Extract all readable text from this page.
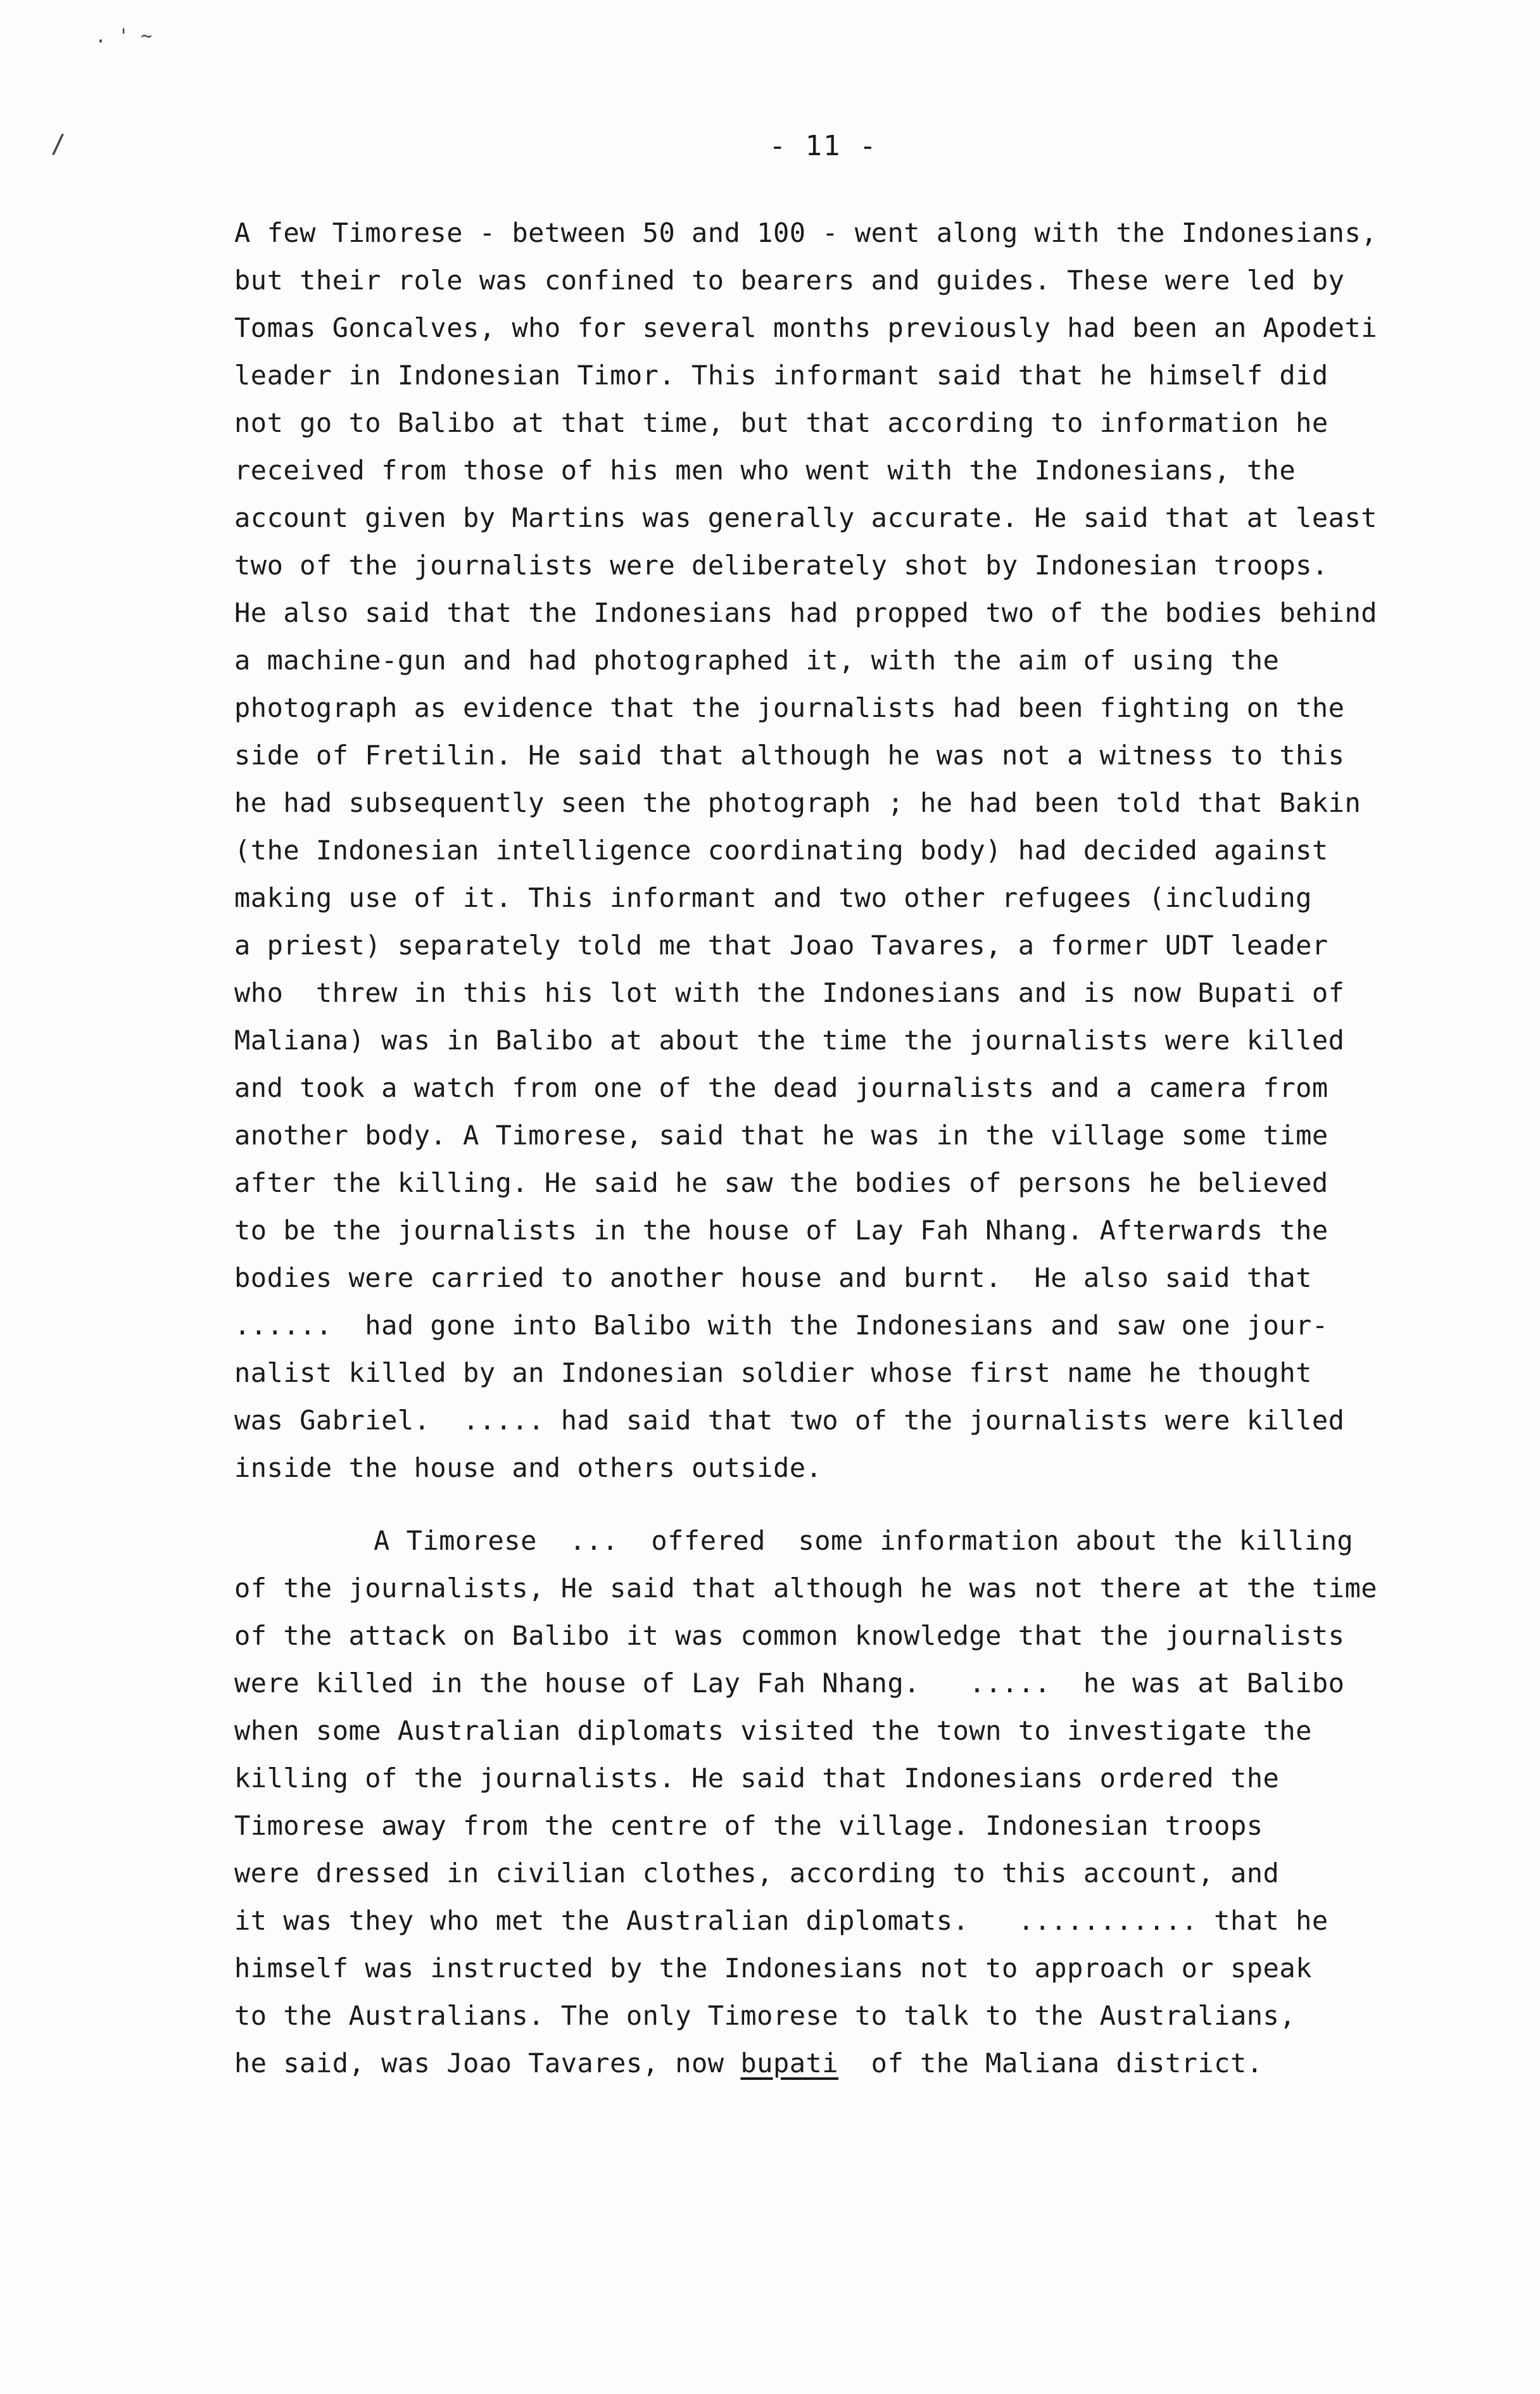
. ' ~
/	- 11 -
A few Timorese - between 50 and 100 - went along with the Indonesians,
but their role was confined to bearers and guides. These were led by
Tomas Goncalves, who for several months previously had been an Apodeti
leader in Indonesian Timor. This informant said that he himself did
not go to Balibo at that time, but that according to information he
received from those of his men who went with the Indonesians, the
account given by Martins was generally accurate. He said that at least
two of the journalists were deliberately shot by Indonesian troops.
He also said that the Indonesians had propped two of the bodies behind
a machine-gun and had photographed it, with the aim of using the
photograph as evidence that the journalists had been fighting on the
side of Fretilin. He said that although he was not a witness to this
he had subsequently seen the photograph ; he had been told that Bakin
(the Indonesian intelligence coordinating body) had decided against
making use of it. This informant and two other refugees (including
a priest) separately told me that Joao Tavares, a former UDT leader
who  threw in this his lot with the Indonesians and is now Bupati of
Maliana) was in Balibo at about the time the journalists were killed
and took a watch from one of the dead journalists and a camera from
another body. A Timorese, said that he was in the village some time
after the killing. He said he saw the bodies of persons he believed
to be the journalists in the house of Lay Fah Nhang. Afterwards the
bodies were carried to another house and burnt.  He also said that
......  had gone into Balibo with the Indonesians and saw one jour-
nalist killed by an Indonesian soldier whose first name he thought
was Gabriel.  ..... had said that two of the journalists were killed
inside the house and others outside.
A Timorese  ...  offered  some information about the killing
of the journalists, He said that although he was not there at the time
of the attack on Balibo it was common knowledge that the journalists
were killed in the house of Lay Fah Nhang.   .....  he was at Balibo
when some Australian diplomats visited the town to investigate the
killing of the journalists. He said that Indonesians ordered the
Timorese away from the centre of the village. Indonesian troops
were dressed in civilian clothes, according to this account, and
it was they who met the Australian diplomats.   ........... that he
himself was instructed by the Indonesians not to approach or speak
to the Australians. The only Timorese to talk to the Australians,
he said, was Joao Tavares, now bupati  of the Maliana district.
